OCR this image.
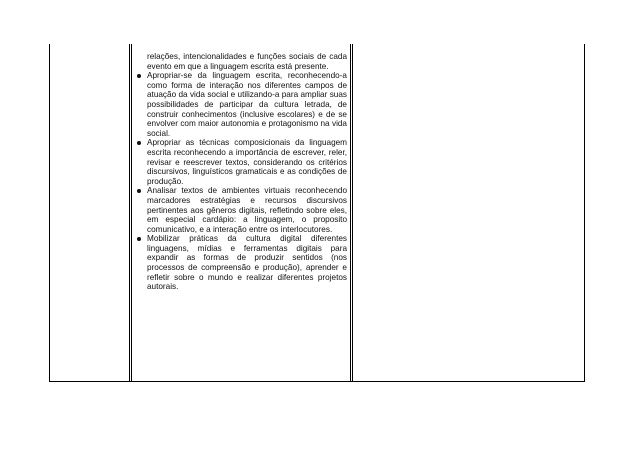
relações, intencionalidades e funções sociais de cada evento em que a linguagem escrita está presente.

Apropriar-se da linguagem escrita, reconhecendo-a como forma de interação nos diferentes campos de atuação da vida social e utilizando-a para ampliar suas possibilidades de participar da cultura letrada, de construir conhecimentos (inclusive escolares) e de se envolver com maior autonomia e protagonismo na vida social.
Apropriar as técnicas composicionais da linguagem escrita reconhecendo a importância de escrever, reler, revisar e reescrever textos, considerando os critérios discursivos, linguísticos gramaticais e as condições de produção.
Analisar textos de ambientes virtuais reconhecendo marcadores estratégias e recursos discursivos pertinentes aos gêneros digitais, refletindo sobre eles, em especial cardápio: a linguagem, o proposito comunicativo, e a interação entre os interlocutores.
Mobilizar práticas da cultura digital diferentes linguagens, mídias e ferramentas digitais para expandir as formas de produzir sentidos (nos processos de compreensão e produção), aprender e refletir sobre o mundo e realizar diferentes projetos autorais.
